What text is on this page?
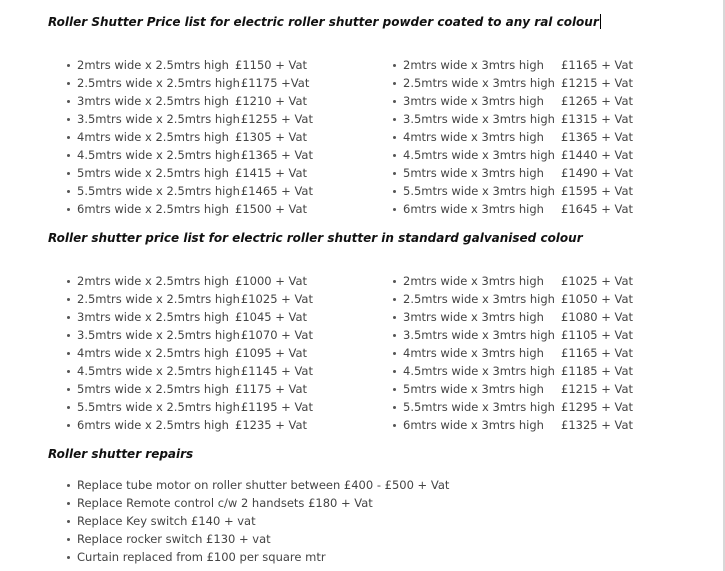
Roller Shutter Price list for electric roller shutter powder coated to any ral colour
2mtrs wide x 2.5mtrs high £1150 + Vat
2.5mtrs wide x 2.5mtrs high£1175 +Vat
3mtrs wide x 2.5mtrs high £1210 + Vat
3.5mtrs wide x 2.5mtrs high£1255 + Vat
4mtrs wide x 2.5mtrs high £1305 + Vat
4.5mtrs wide x 2.5mtrs high£1365 + Vat
5mtrs wide x 2.5mtrs high £1415 + Vat
5.5mtrs wide x 2.5mtrs high£1465 + Vat
6mtrs wide x 2.5mtrs high £1500 + Vat
2mtrs wide x 3mtrs high £1165 + Vat
2.5mtrs wide x 3mtrs high £1215 + Vat
3mtrs wide x 3mtrs high £1265 + Vat
3.5mtrs wide x 3mtrs high £1315 + Vat
4mtrs wide x 3mtrs high £1365 + Vat
4.5mtrs wide x 3mtrs high £1440 + Vat
5mtrs wide x 3mtrs high £1490 + Vat
5.5mtrs wide x 3mtrs high £1595 + Vat
6mtrs wide x 3mtrs high £1645 + Vat
Roller shutter price list for electric roller shutter in standard galvanised colour
2mtrs wide x 2.5mtrs high £1000 + Vat
2.5mtrs wide x 2.5mtrs high£1025 + Vat
3mtrs wide x 2.5mtrs high £1045 + Vat
3.5mtrs wide x 2.5mtrs high£1070 + Vat
4mtrs wide x 2.5mtrs high £1095 + Vat
4.5mtrs wide x 2.5mtrs high£1145 + Vat
5mtrs wide x 2.5mtrs high £1175 + Vat
5.5mtrs wide x 2.5mtrs high£1195 + Vat
6mtrs wide x 2.5mtrs high £1235 + Vat
2mtrs wide x 3mtrs high £1025 + Vat
2.5mtrs wide x 3mtrs high £1050 + Vat
3mtrs wide x 3mtrs high £1080 + Vat
3.5mtrs wide x 3mtrs high £1105 + Vat
4mtrs wide x 3mtrs high £1165 + Vat
4.5mtrs wide x 3mtrs high £1185 + Vat
5mtrs wide x 3mtrs high £1215 + Vat
5.5mtrs wide x 3mtrs high £1295 + Vat
6mtrs wide x 3mtrs high £1325 + Vat
Roller shutter repairs
Replace tube motor on roller shutter between £400 - £500 + Vat
Replace Remote control c/w 2 handsets £180 + Vat
Replace Key switch £140 + vat
Replace rocker switch £130 + vat
Curtain replaced from £100 per square mtr
